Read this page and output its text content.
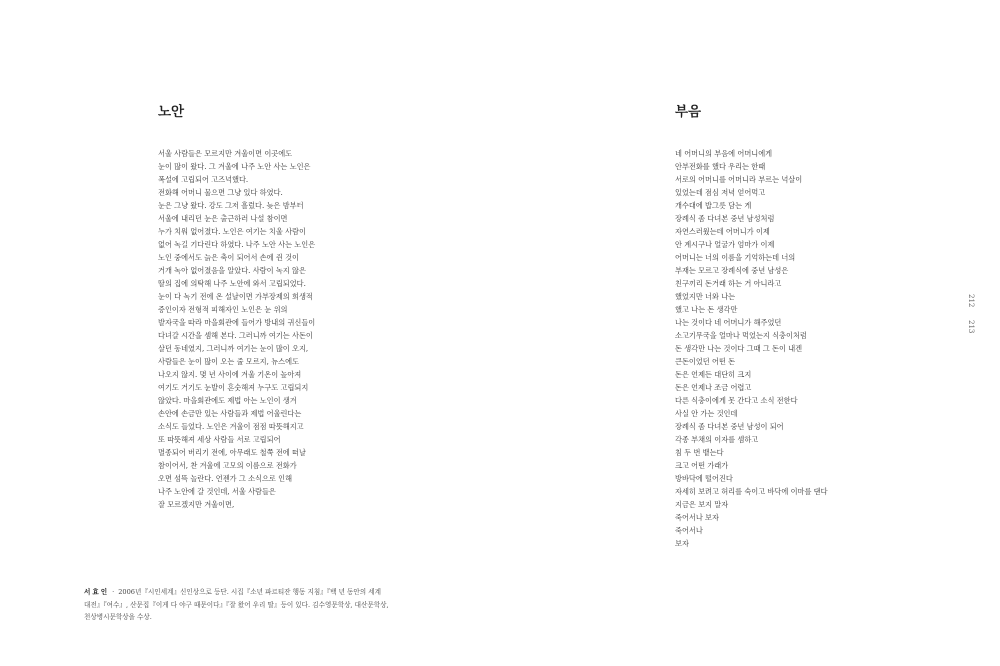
노안
서울 사람들은 모르지만 겨울이면 이곳에도
눈이 많이 왔다. 그 겨울에 나주 노안 사는 노인은
폭설에 고립되어 고즈넉했다.
전화해 어머니 물으면 그냥 있다 하였다.
눈은 그냥 왔다. 강도 그저 흘렀다. 늦은 밤부터
서울에 내리던 눈은 출근하러 나설 참이면
누가 치워 없어졌다. 노인은 여기는 치울 사람이
없어 녹길 기다린다 하였다. 나주 노안 사는 노인은
노인 중에서도 늙은 축이 되어서 손에 쥔 것이
거개 녹아 없어졌음을 알았다. 사람이 녹지 않은
딸의 집에 의탁해 나주 노안에 와서 고립되었다.
눈이 다 녹기 전에 온 설날이면 가부장제의 희생적
증인이자 전형적 피해자인 노인은 눈 위의
발자국을 따라 마을회관에 들어가 방내의 귀신들이
다녀갈 시간을 셈해 본다. 그러니까 여기는 사돈이
살던 동네였지, 그러니까 여기는 눈이 많이 오지,
사람들은 눈이 많이 오는 줄 모르지, 뉴스에도
나오지 않지. 몇 년 사이에 겨울 기온이 높아져
여기도 거기도 눈발이 흔숫해져 누구도 고립되지
않았다. 마을회관에도 제법 아는 노인이 생겨
손안에 손금만 있는 사람들과 제법 어울린다는
소식도 들었다. 노인은 겨울이 점점 따뜻해지고
또 따뜻해져 세상 사람들 서로 고립되어
멸종되어 버리기 전에, 아무래도 철쭉 전에 떠날
참이어서, 찬 겨울에 고모의 이름으로 전화가
오면 섬뜩 놀란다. 언젠가 그 소식으로 인해
나주 노안에 갈 것인데, 서울 사람들은
잘 모르겠지만 겨울이면,
부음
네 어머니의 부음에 어머니에게
안부전화를 했다 우리는 한때
서로의 어머니를 어머니라 부르는 넉살이
있었는데 점심 저녁 얻어먹고
개수대에 밥그릇 담는 게
장례식 좀 다녀본 중년 남성처럼
자연스러웠는데 어머니가 이제
안 계시구나 얼굴가 엄마가 이제
어머니는 너의 이름을 기억하는데 너의
부재는 모르고 장례식에 중년 남성은
친구끼리 돈거래 하는 거 아니라고
했었지만 너와 나는
했고 나는 돈 생각만
나는 것이다 네 어머니가 해주었던
소고기무국을 얼마나 먹었는지 식충이처럼
돈 생각만 나는 것이다 그때 그 돈이 내겐
큰돈이었던 어떤 돈
돈은 언제든 대단히 크지
돈은 언제나 조금 어렵고
다른 식충이에게 못 간다고 소식 전한다
사실 안 가는 것인데
장례식 좀 다녀본 중년 남성이 되어
각종 부채의 이자를 셈하고
침 두 번 뱉는다
크고 어떤 가래가
방바닥에 떨어진다
자세히 보려고 허리를 숙이고 바닥에 이마를 댄다
지금은 보지 말자
죽어서나 보자
죽어서나
보자
212
213
서효인 · 2006년『시인세계』신인상으로 등단. 시집『소년 파르티잔 행동 지침』『백 년 동안의 세계
대전』『여수』, 산문집『이게 다 야구 때문이다』『잘 왔어 우리 딸』등이 있다. 김수영문학상, 대산문학상,
천상병시문학상을 수상.
